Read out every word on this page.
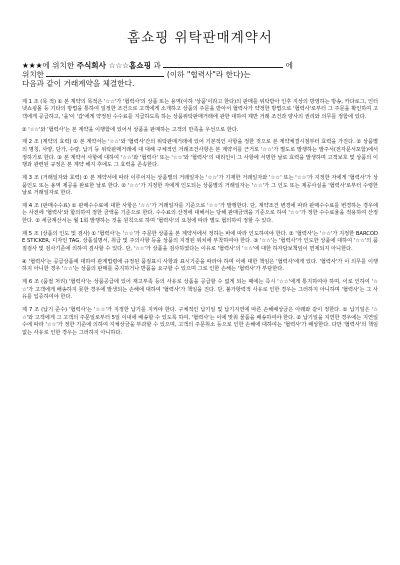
홈쇼핑 위탁판매계약서
★★★에 위치한 주식회사 ☆☆☆홈쇼핑 과	에
위치한	(이하 "협력사"라 한다)는
다음과 같이 거래계약을 체결한다.

제 1 조 (목 적) ① 본 계약의 목적은 '☆☆'가 '협력사'의 상품 또는 용역(이하 '상품'이라고 한다)의 판매를 위탁받아 인후 지상의 방영하는 방송, 카다로그, 인터넷쇼핑몰 등 기타의 방법을 통하여 일정한 조건으로 고객에게 소개하고 상품의 주문을 받아서 협력사가 약정한 방법으로 '협력사'로부터 그 주문을 확인하여 고객에게 공급하고, '을'이 '갑'에게 약정된 수수료를 지급하도록 하는 상품위탁판매거래에 관한 대하여 제반 거래 조건과 양사의 권리와 의무를 정함에 있다.

② '☆☆'와 '협력사'는 본 계약을 이행함에 있어서 상품을 판매하는 고객의 만족을 우선으로 한다.

제 2 조 (계약의 효력) ① 본 계약서는 '☆☆'와 '협력사'간의 위탁판매거래에 있어 기본적인 사항을 정한 것으로 본 계약체결시점부터 효력을 가진다. ② 상품별의 명칭, 사양, 단가, 수량, 납기 등 위탁판매거래에 대 대해 구체적인 거래조건사항은 본 계약서를 근거로 '☆☆'가 별도로 발행하는 발주서(전자문서포함)에서 정하기로 한다. ③ 본 계약서 사항에 대하여 '☆☆'와 '협력사' 또는 '☆☆'와 '협력사'의 대리인이 그 사항에 서명한 날로 효력을 발생하며 고객보호 및 상품의 이행과 관련된 규정은 본 계약 해지 후에도 그 효력을 존속한다.

제 3 조 (거래일자와 효력) ① 본 계약서에 따라 이루어지는 상품별의 거래일자는 '☆☆'가 기재한 거래일자와 '☆☆' 또는 '☆☆'가 지정한 자에게 '협력사'가 상품인도 또는 용역 제공을 완료한 날로 한다. ② '☆☆'가 지정한 자에게 인도되는 상품별의 거래일자는 '☆☆'가 그 인도 또는 제공사실을 '협력사'로부터 수령한 날로 거래일자로 한다.

제 4 조 (판매수수료) ① 판매수수료에 대한 사항은 '☆☆'가 거래일자를 기준으로 '☆☆'가 발행한다. 단, 계약조건 변경에 따라 판매수수료를 변경하는 경우에는 사전에 '협력사'와 합의하여 정한 금액을 기준으로 한다. 수수료의 산정에 대해서는 당해 판매금액을 기준으로 하여 '☆☆'가 정한 수수료율을 적용하여 산정한다. ② 세금계산서는 월 1회 발행하는 것을 원칙으로 하며 '협력사'의 요청에 따라 별도 협의하여 정할 수 있다.

제 5 조 (상품의 인도 및 검사) ① '협력사'는 '☆☆'가 주문한 상품을 본 계약서에서 정하는 바에 따라 인도하여야 한다. ② '협력사'는 '☆☆'가 지정한 BARCODE STICKER, 디자인 TAG, 상품설명서, 취급 및 주의사항 등을 상품의 지정된 위치에 부착하여야 한다. ③ '☆☆'는 '협력사'가 인도한 상품에 대하여 '☆☆'의 품질검사 및 검사기준에 의하여 검사할 수 있다. 단, '☆☆'가 상품을 검사하였다는 이유로 '협력사'의 '☆☆'에 대한 하자담보책임이 면제되지 아니한다.

④ '협력사'는 공급상품에 대하여 관계법령에 규정된 품질표시 사항과 표시기준을 따라야 하며 이에 대한 책임은 '협력사'에게 있다. '협력사'가 이 의무를 이행하지 아니한 경우 '☆☆'는 상품의 판매를 중지하거나 반품을 요구할 수 있으며 그로 인한 손해는 '협력사'가 부담한다.

제 6 조 (품절 처리) '협력사'는 상품공급에 있어 재고부족 등의 사유로 상품을 공급할 수 없게 되는 때에는 즉시 '☆☆'에게 통지하여야 하며, 이로 인하여 '☆☆'가 고객에게 배송하지 못한 경우에 발생되는 손해에 대하여 '협력사'가 책임을 진다. 단, 불가항력적 사유로 인한 경우는 그러하지 아니하며 '협력사'는 그 사유를 입증하여야 한다.

제 7 조 (납기 준수) '협력사'는 '☆☆'가 지정한 납기를 지켜야 한다. 구체적인 납기일 및 납기지연에 따른 손해배상금은 아래와 같이 정한다. ① 납기일은 '☆☆'와 고객에게 그 고객의 주문일로부터 5일 이내에 배송할 수 있도록 하여, '협력사'는 이에 맞춰 물품을 배송하여야 한다. ② 납기일을 지연한 경우에는 지연일수에 따라 '☆☆'가 정한 기준에 의하여 지체상금을 부과할 수 있으며, 고객의 주문취소 등으로 인한 손해에 대하여는 '협력사'가 배상한다. 다만 '협력사'의 책임 없는 사유로 인한 경우는 그러하지 아니하다.
